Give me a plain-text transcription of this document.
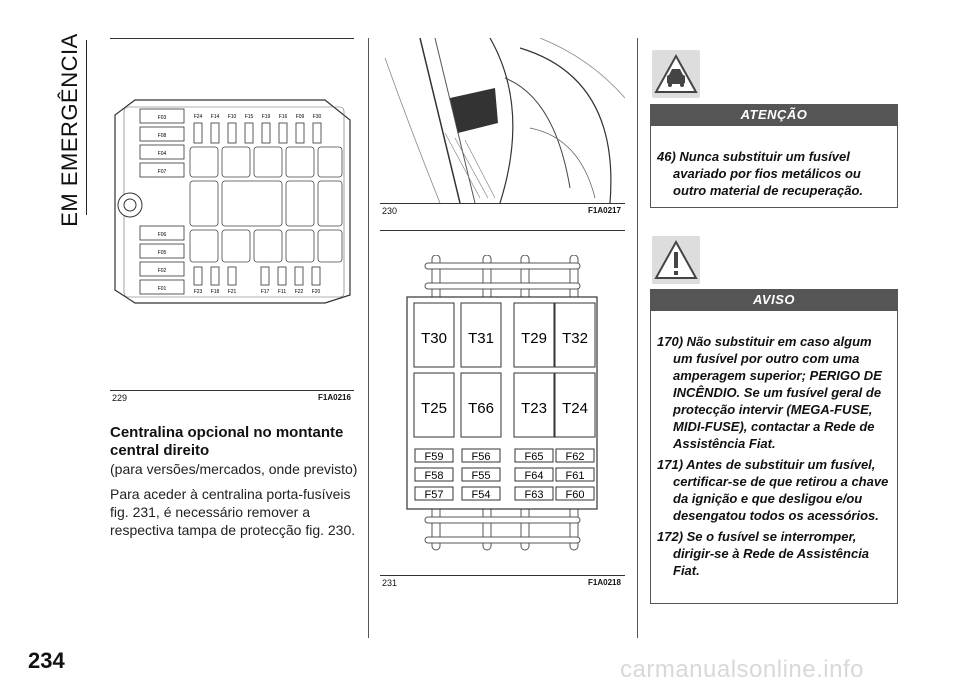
EM EMERGÊNCIA
234
F03
F08
F04
F07
F06
F05
F02
F01
F24 F14 F10 F15 F19 F16 F09 F30
F23 F18 F21	F17 F11 F22 F20
229	F1A0216
Centralina opcional no montante central direito
(para versões/mercados, onde previsto)
Para aceder à centralina porta-fusíveis fig. 231, é necessário remover a respectiva tampa de protecção fig. 230.
230	F1A0217
T30 T31 T29 T32
T25 T66 T23 T24
F59	F56	F65 F62
F58	F55	F64 F61
F57	F54	F63 F60
231	F1A0218
ATENÇÃO

46) Nunca substituir um fusível avariado por fios metálicos ou outro material de recuperação.

AVISO

170) Não substituir em caso algum um fusível por outro com uma amperagem superior; PERIGO DE INCÊNDIO. Se um fusível geral de protecção intervir (MEGA-FUSE, MIDI-FUSE), contactar a Rede de Assistência Fiat.

171) Antes de substituir um fusível, certificar-se de que retirou a chave da ignição e que desligou e/ou desengatou todos os acessórios.

172) Se o fusível se interromper, dirigir-se à Rede de Assistência Fiat.

carmanualsonline.info
